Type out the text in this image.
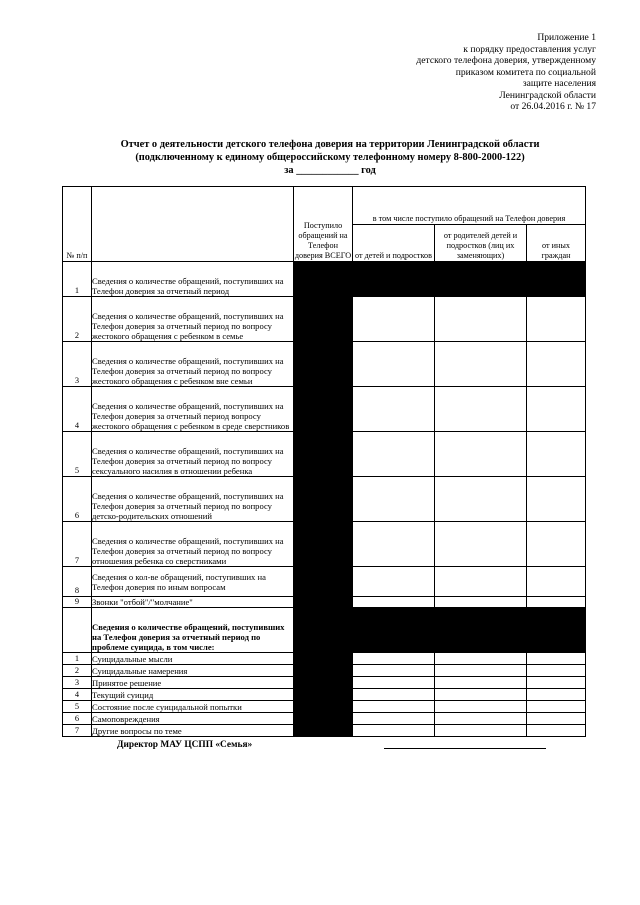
Приложение 1
к порядку предоставления услуг
детского телефона доверия, утвержденному
приказом комитета по социальной
защите населения
Ленинградской области
от 26.04.2016 г. № 17
Отчет о деятельности детского телефона доверия на территории Ленинградской области
(подключенному к единому общероссийскому телефонному номеру 8-800-2000-122)
за ____________ год
№ п/п		Поступило обращений на Телефон доверия ВСЕГО	в том числе поступило обращений на Телефон доверия		
			от детей и подростков	от родителей детей и подростков (лиц их заменяющих)	от иных граждан
1	Сведения о количестве обращений, поступивших на Телефон доверия за отчетный период				
2	Сведения о количестве обращений, поступивших на Телефон доверия за отчетный период по вопросу жестокого обращения с ребенком в семье				
3	Сведения о количестве обращений, поступивших на Телефон доверия за отчетный период по вопросу жестокого обращения с ребенком вне семьи				
4	Сведения о количестве обращений, поступивших на Телефон доверия за отчетный период вопросу жестокого обращения с ребенком в среде сверстников				
5	Сведения о количестве обращений, поступивших на Телефон доверия за отчетный период по вопросу сексуального насилия в отношении ребенка				
6	Сведения о количестве обращений, поступивших на Телефон доверия за отчетный период по вопросу детско-родительских отношений				
7	Сведения о количестве обращений, поступивших на Телефон доверия за отчетный период по вопросу отношения ребенка со сверстниками				
8	Сведения о кол-ве обращений, поступивших на Телефон доверия по иным вопросам				
9	Звонки "отбой"/"молчание"				
	Сведения о количестве обращений, поступивших на Телефон доверия за отчетный период по проблеме суицида, в том числе:				
1	Суицидальные мысли				
2	Суицидальные намерения				
3	Принятое решение				
4	Текущий суицид				
5	Состояние после суицидальной попытки				
6	Самоповреждения				
7	Другие вопросы по теме				
Директор МАУ ЦСПП «Семья»
